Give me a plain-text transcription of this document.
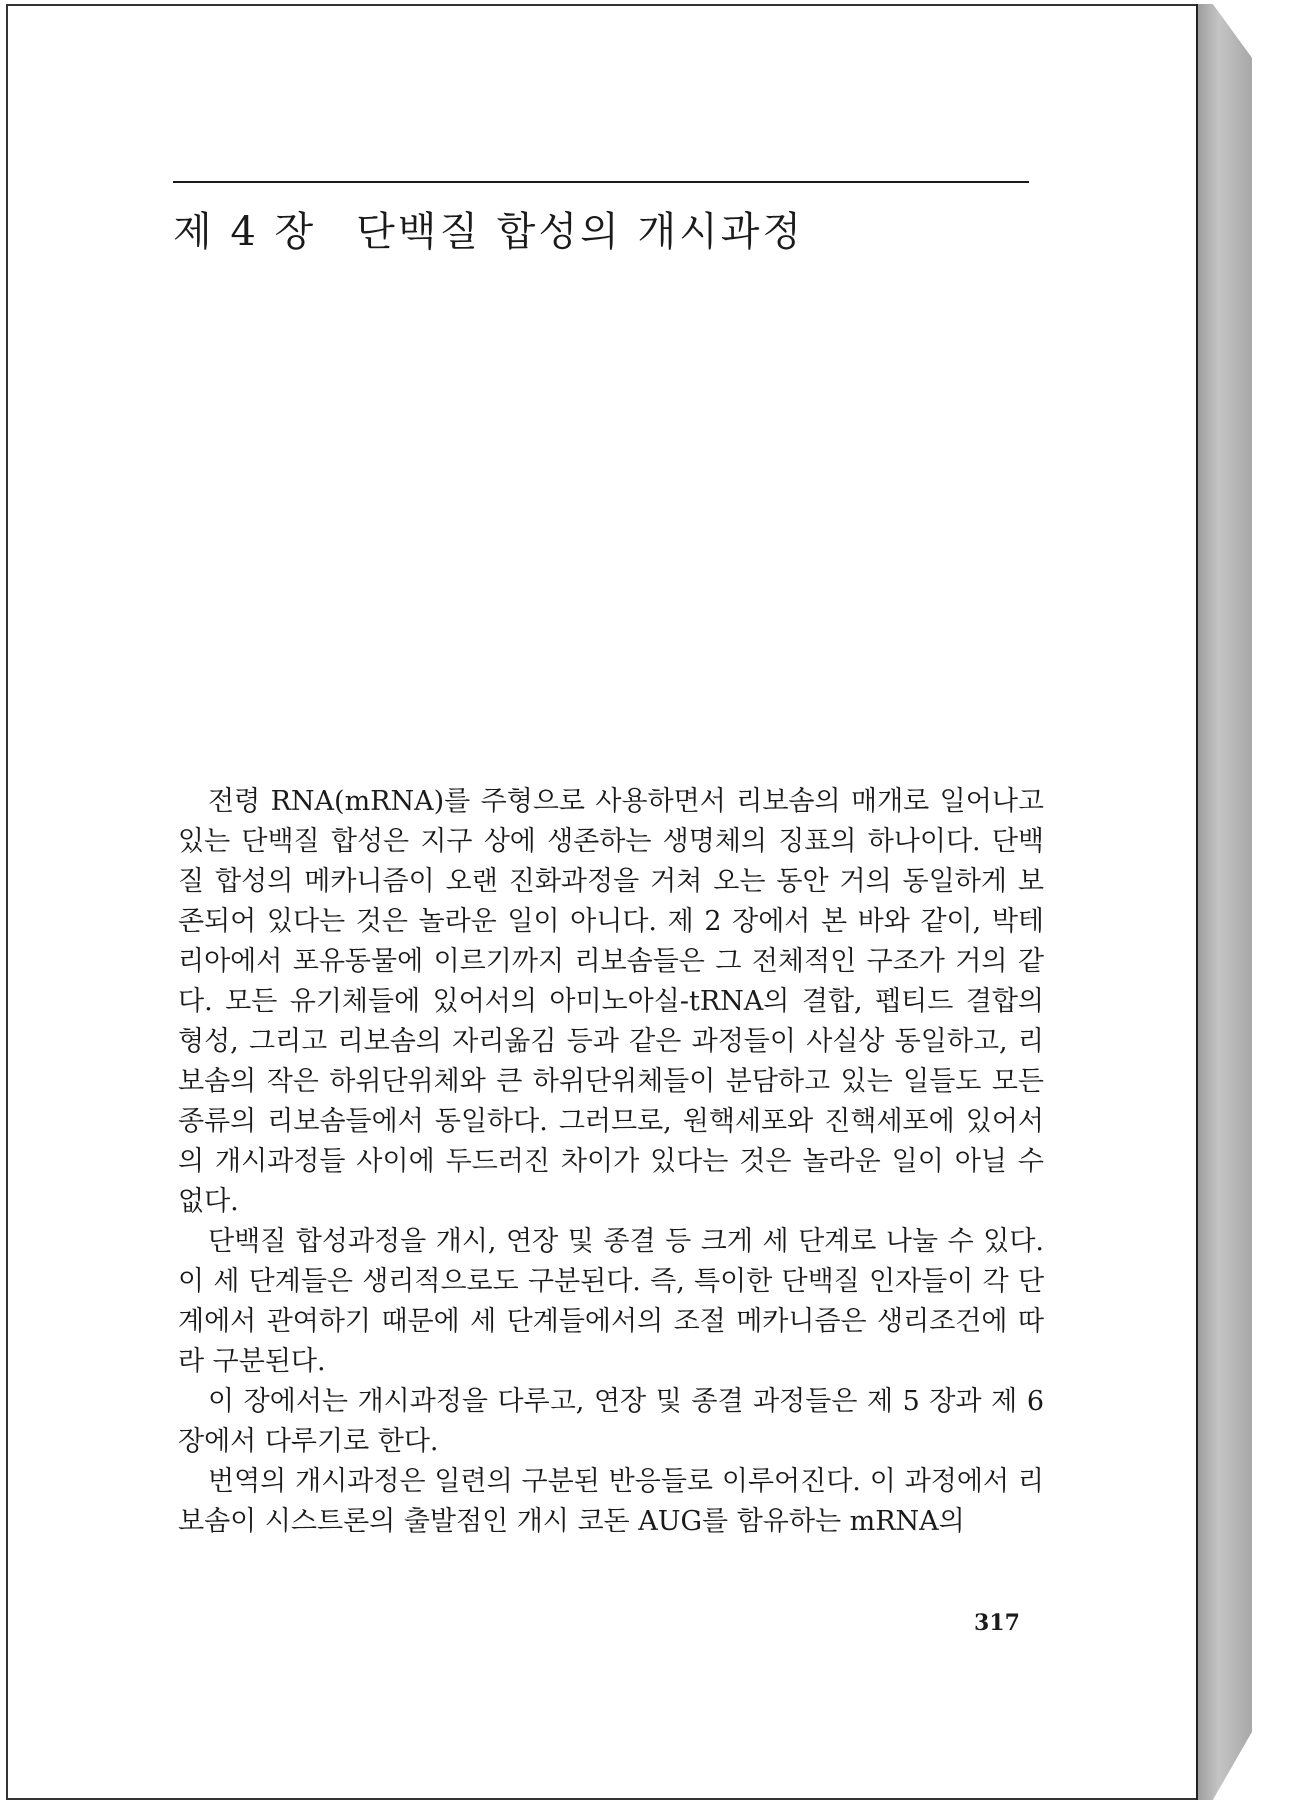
제 4 장 단백질 합성의 개시과정

전령 RNA(mRNA)를 주형으로 사용하면서 리보솜의 매개로 일어나고 있는 단백질 합성은 지구 상에 생존하는 생명체의 징표의 하나이다. 단백질 합성의 메카니즘이 오랜 진화과정을 거쳐 오는 동안 거의 동일하게 보존되어 있다는 것은 놀라운 일이 아니다. 제 2 장에서 본 바와 같이, 박테리아에서 포유동물에 이르기까지 리보솜들은 그 전체적인 구조가 거의 같다. 모든 유기체들에 있어서의 아미노아실-tRNA의 결합, 펩티드 결합의 형성, 그리고 리보솜의 자리옮김 등과 같은 과정들이 사실상 동일하고, 리보솜의 작은 하위단위체와 큰 하위단위체들이 분담하고 있는 일들도 모든 종류의 리보솜들에서 동일하다. 그러므로, 원핵세포와 진핵세포에 있어서의 개시과정들 사이에 두드러진 차이가 있다는 것은 놀라운 일이 아닐 수 없다.

단백질 합성과정을 개시, 연장 및 종결 등 크게 세 단계로 나눌 수 있다. 이 세 단계들은 생리적으로도 구분된다. 즉, 특이한 단백질 인자들이 각 단계에서 관여하기 때문에 세 단계들에서의 조절 메카니즘은 생리조건에 따라 구분된다.

이 장에서는 개시과정을 다루고, 연장 및 종결 과정들은 제 5 장과 제 6 장에서 다루기로 한다.

번역의 개시과정은 일련의 구분된 반응들로 이루어진다. 이 과정에서 리보솜이 시스트론의 출발점인 개시 코돈 AUG를 함유하는 mRNA의

317
